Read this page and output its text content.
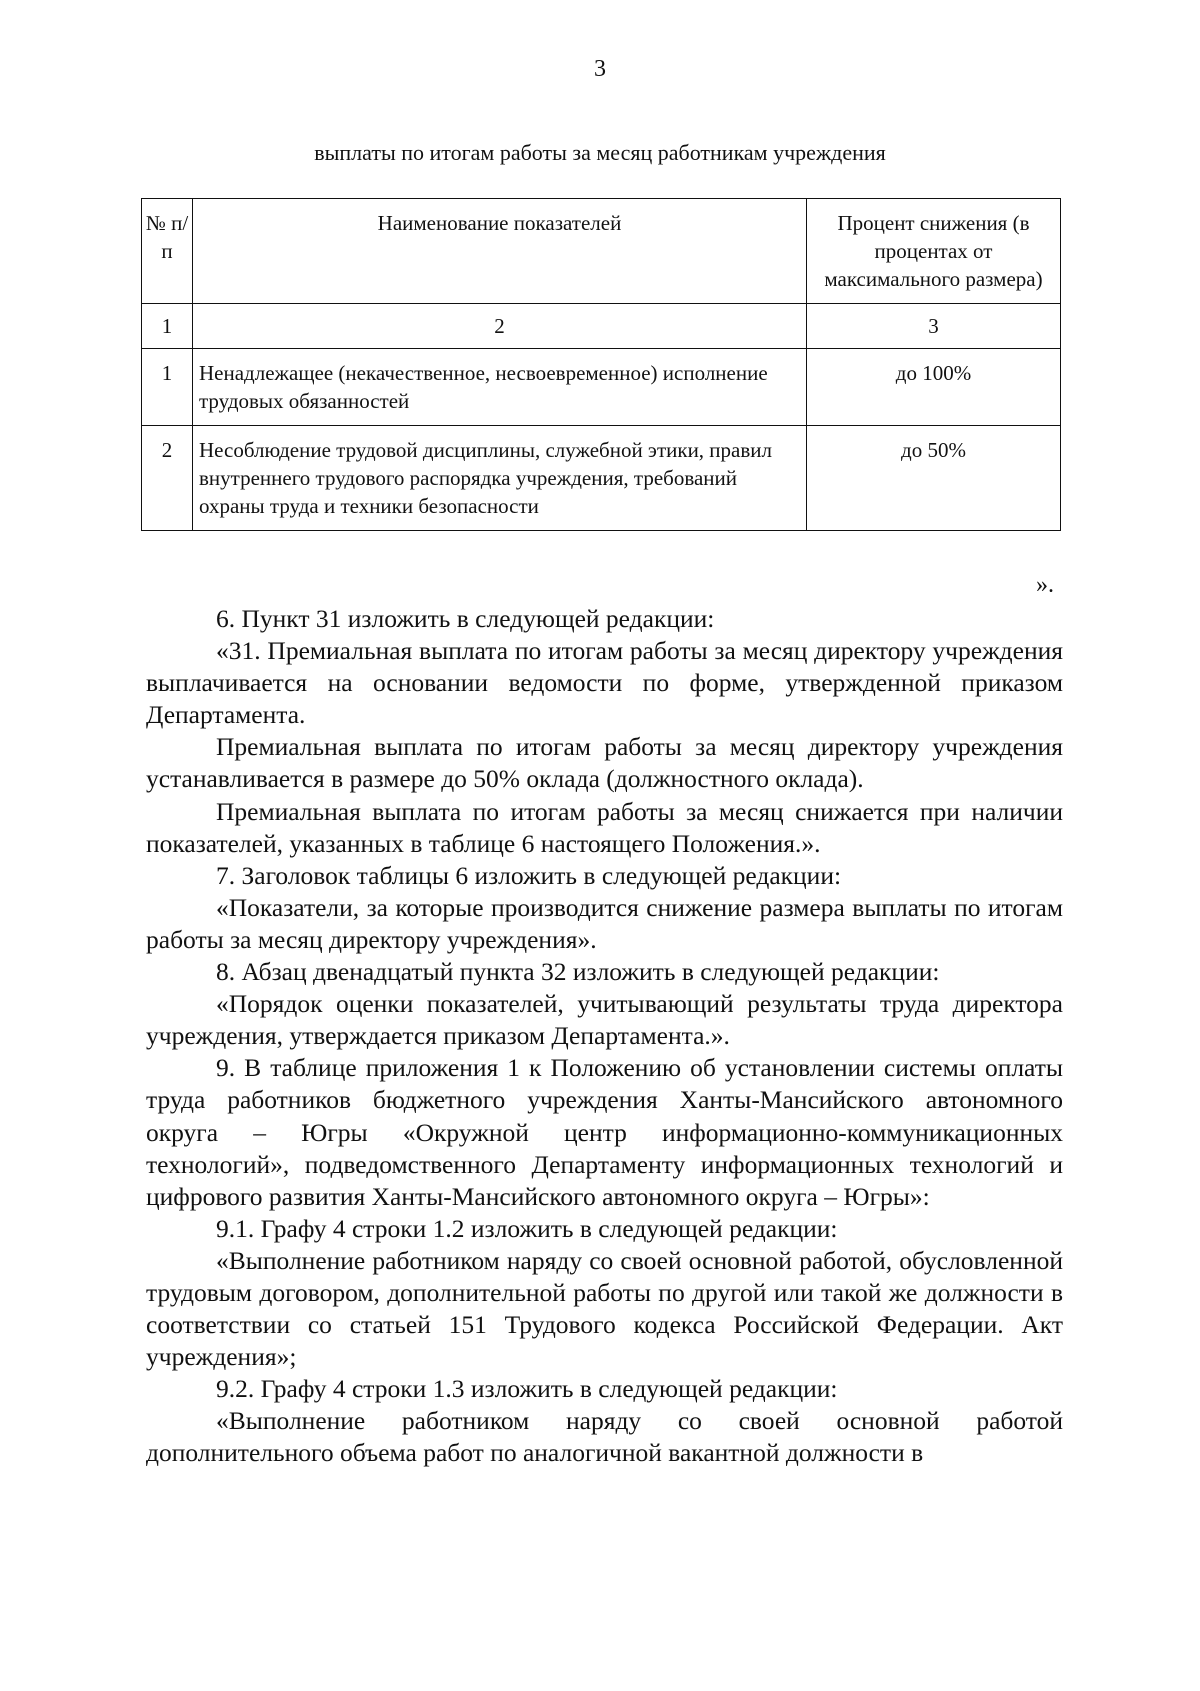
3
выплаты по итогам работы за месяц работникам учреждения
№ п/п	Наименование показателей	Процент снижения (в процентах от максимального размера)
1	2	3
1	Ненадлежащее (некачественное, несвоевременное) исполнение трудовых обязанностей	до 100%
2	Несоблюдение трудовой дисциплины, служебной этики, правил внутреннего трудового распорядка учреждения, требований охраны труда и техники безопасности	до 50%
».

6. Пункт 31 изложить в следующей редакции:

«31. Премиальная выплата по итогам работы за месяц директору учреждения выплачивается на основании ведомости по форме, утвержденной приказом Департамента.

Премиальная выплата по итогам работы за месяц директору учреждения устанавливается в размере до 50% оклада (должностного оклада).

Премиальная выплата по итогам работы за месяц снижается при наличии показателей, указанных в таблице 6 настоящего Положения.».

7. Заголовок таблицы 6 изложить в следующей редакции:

«Показатели, за которые производится снижение размера выплаты по итогам работы за месяц директору учреждения».

8. Абзац двенадцатый пункта 32 изложить в следующей редакции:

«Порядок оценки показателей, учитывающий результаты труда директора учреждения, утверждается приказом Департамента.».

9. В таблице приложения 1 к Положению об установлении системы оплаты труда работников бюджетного учреждения Ханты-Мансийского автономного округа – Югры «Окружной центр информационно-коммуникационных технологий», подведомственного Департаменту информационных технологий и цифрового развития Ханты-Мансийского автономного округа – Югры»:

9.1. Графу 4 строки 1.2 изложить в следующей редакции:

«Выполнение работником наряду со своей основной работой, обусловленной трудовым договором, дополнительной работы по другой или такой же должности в соответствии со статьей 151 Трудового кодекса Российской Федерации. Акт учреждения»;

9.2. Графу 4 строки 1.3 изложить в следующей редакции:

«Выполнение работником наряду со своей основной работой дополнительного объема работ по аналогичной вакантной должности в
